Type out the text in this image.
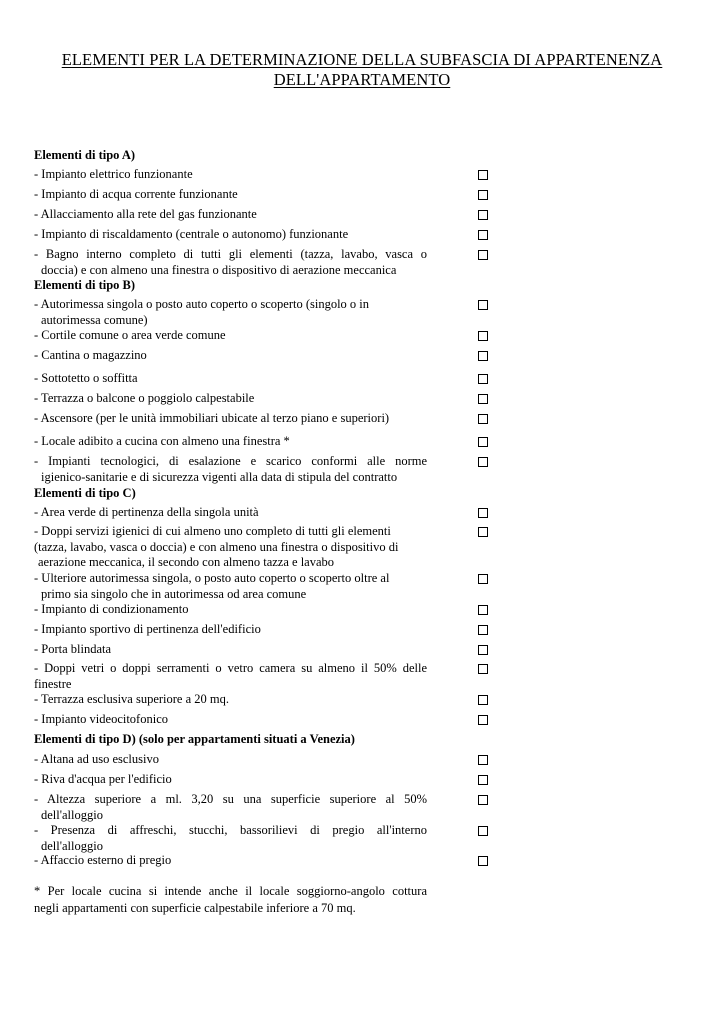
ELEMENTI PER LA DETERMINAZIONE DELLA SUBFASCIA DI APPARTENENZA
DELL'APPARTAMENTO
Elementi di tipo A)
- Impianto elettrico funzionante
- Impianto di acqua corrente funzionante
- Allacciamento alla rete del gas funzionante
- Impianto di riscaldamento (centrale o autonomo) funzionante
- Bagno interno completo di tutti gli elementi (tazza, lavabo, vasca o
doccia) e con almeno una finestra o dispositivo di aerazione meccanica
Elementi di tipo B)
- Autorimessa singola o posto auto coperto o scoperto (singolo o in
autorimessa comune)
- Cortile comune o area verde comune
- Cantina o magazzino
- Sottotetto o soffitta
- Terrazza o balcone o poggiolo calpestabile
- Ascensore (per le unità immobiliari ubicate al terzo piano e superiori)
- Locale adibito a cucina con almeno una finestra *
- Impianti tecnologici, di esalazione e scarico conformi alle norme
igienico-sanitarie e di sicurezza vigenti alla data di stipula del contratto
Elementi di tipo C)
- Area verde di pertinenza della singola unità
- Doppi servizi igienici di cui almeno uno completo di tutti gli elementi
(tazza, lavabo, vasca o doccia) e con almeno una finestra o dispositivo di
aerazione meccanica, il secondo con almeno tazza e lavabo
- Ulteriore autorimessa singola, o posto auto coperto o scoperto oltre al
primo sia singolo che in autorimessa od area comune
- Impianto di condizionamento
- Impianto sportivo di pertinenza dell'edificio
- Porta blindata
- Doppi vetri o doppi serramenti o vetro camera su almeno il 50% delle
finestre
- Terrazza esclusiva superiore a 20 mq.
- Impianto videocitofonico
Elementi di tipo D) (solo per appartamenti situati a Venezia)
- Altana ad uso esclusivo
- Riva d'acqua per l'edificio
- Altezza superiore a ml. 3,20 su una superficie superiore al 50%
dell'alloggio
- Presenza di affreschi, stucchi, bassorilievi di pregio all'interno
dell'alloggio
- Affaccio esterno di pregio
* Per locale cucina si intende anche il locale soggiorno-angolo cottura
negli appartamenti con superficie calpestabile inferiore a 70 mq.
